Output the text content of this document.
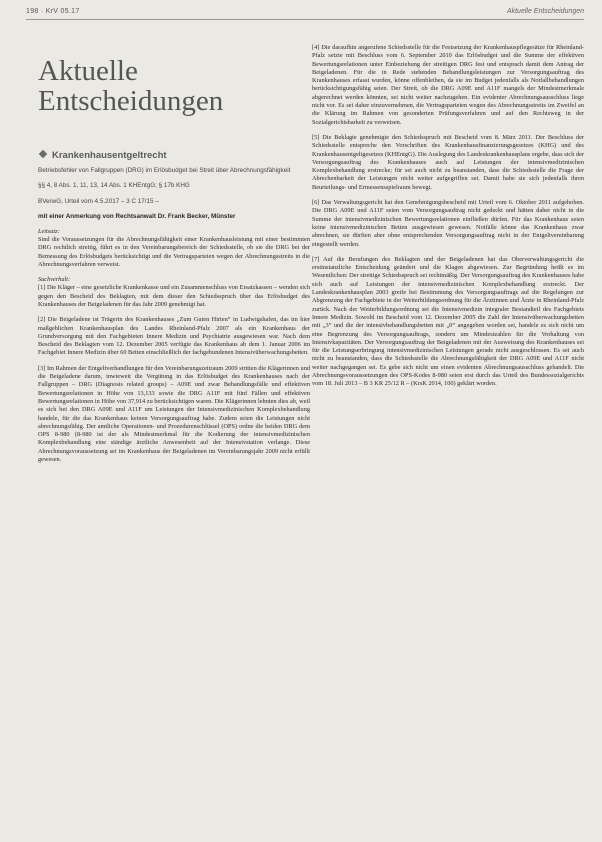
198 · KrV 05.17	Aktuelle Entscheidungen
Aktuelle Entscheidungen
Krankenhausentgeltrecht

Betriebsfehler von Fallgruppen (DRG) im Erlösbudget bei Streit über Abrechnungsfähigkeit

§§ 4, 8 Abs. 1, 11, 13, 14 Abs. 1 KHEntgG; § 17b KHG

BVerwG, Urteil vom 4.5.2017 – 3 C 17/15 –

mit einer Anmerkung von Rechtsanwalt Dr. Frank Becker, Münster

Leitsatz:

Sind die Voraussetzungen für die Abrechnungsfähigkeit einer Krankenhausleistung mit einer bestimmten DRG rechtlich streitig, führt es in den Vereinbarungsbereich der Schiedsstelle, ob sie die DRG bei der Bemessung des Erlösbudgets berücksichtigt und die Vertragsparteien wegen der Abrechnungsstreits in die Abrechnungsverfahren verweist.

Sachverhalt:

[1] Die Kläger – eine gesetzliche Krankenkasse und ein Zusammenschluss von Ersatzkassen – wenden sich gegen den Bescheid des Beklagten, mit dem dieser den Schiedsspruch über das Erlösbudget des Krankenhauses der Beigeladenen für das Jahr 2009 genehmigt hat.

[2] Die Beigeladene ist Trägerin des Krankenhauses „Zum Guten Hirten“ in Ludwigshafen, das im hier maßgeblichen Krankenhausplan des Landes Rheinland-Pfalz 2007 als ein Krankenhaus der Grundversorgung mit den Fachgebieten Innere Medizin und Psychiatrie ausgewiesen war. Nach dem Bescheid des Beklagten vom 12. Dezember 2005 verfügte das Krankenhaus ab dem 1. Januar 2006 im Fachgebiet Innere Medizin über 60 Betten einschließlich der fachgebundenen Intensivüberwachungsbetten.

[3] Im Rahmen der Entgeltverhandlungen für den Vereinbarungszeitraum 2009 stritten die Klägerinnen und die Beigeladene darum, inwieweit die Vergütung in das Erlösbudget des Krankenhauses nach der Fallgruppen – DRG (Diagnosis related groups) – A09E und zwar Behandlungsfälle und effektiven Bewertungsrelationen in Höhe von 13,133 sowie die DRG A11F mit fünf Fällen und effektiven Bewertungsrelationen in Höhe von 37,914 zu berücksichtigen waren. Die Klägerinnen lehnten dies ab, weil es sich bei den DRG A09E und A11F um Leistungen der Intensivmedizinischen Komplexbehandlung handele, für die das Krankenhaus keinen Versorgungsauftrag habe. Zudem seien die Leistungen nicht abrechnungsfähig. Der amtliche Operationen- und Prozedurenschlüssel (OPS) ordne die beiden DRG dem OPS 8-980 (8-980 ist der als Mindestmerkmal für die Kodierung der intensivmedizinischen Komplexbehandlung eine ständige ärztliche Anwesenheit auf der Intensivstation verlange. Diese Abrechnungsvoraussetzung sei im Krankenhaus der Beigeladenen im Vereinbarungsjahr 2009 nicht erfüllt gewesen.

[4] Die daraufhin angerufene Schiedsstelle für die Festsetzung der Krankenhauspflegesätze für Rheinland-Pfalz setzte mit Beschluss vom 6. September 2010 das Erlösbudget und die Summe der effektiven Bewertungsrelationen unter Einbeziehung der streitigen DRG fest und entsprach damit dem Antrag der Beigeladenen. Für die in Rede stehenden Behandlungsleistungen zur Versorgungsauftrag des Krankenhauses erfasst wurden, könne offenbleiben, da sie im Budget jedenfalls als Notfallbehandlungen berücksichtigungsfähig seien. Der Streit, ob die DRG A09E und A11F mangels der Mindestmerkmale abgerechnet werden könnten, sei nicht weiter nachzugehen. Ein evidenter Abrechnungsausschluss liege nicht vor. Es sei daher einzuvernehmen, die Vertragsparteien wegen des Abrechnungsstreits im Zweifel an die Klärung im Rahmen von gesonderten Prüfungsverfahren und auf den Rechtsweg in der Sozialgerichtsbarkeit zu verweisen.

[5] Die Beklagte genehmigte den Schiedsspruch mit Bescheid vom 8. März 2011. Der Beschluss der Schiedsstelle entspreche den Vorschriften des Krankenhausfinanzierungsgesetzes (KHG) und des Krankenhausentgeltgesetzes (KHEntgG). Die Auslegung des Landeskrankenhausplans ergebe, dass sich der Versorgungsauftrag des Krankenhauses auch auf Leistungen der intensivmedizinischen Komplexbehandlung erstrecke; für sei auch nicht zu beanstanden, dass die Schiedsstelle die Frage der Abrechenbarkeit der Leistungen nicht weiter aufgegriffen sei. Damit habe sie sich jedenfalls ihren Beurteilungs- und Ermessensspielraum bewegt.

[6] Das Verwaltungsgericht hat den Genehmigungsbescheid mit Urteil vom 6. Oktober 2011 aufgehoben. Die DRG A09E und A11F seien vom Versorgungsauftrag nicht gedeckt und hätten daher nicht in die Summe der intensivmedizinischen Bewertungsrelationen einfließen dürfen. Für das Krankenhaus seien keine intensivmedizinischen Betten ausgewiesen gewesen. Notfälle könne das Krankenhaus zwar abrechnen, sie dürften aber ohne entsprechenden Versorgungsauftrag nicht in der Entgeltvereinbarung eingestellt werden.

[7] Auf die Berufungen des Beklagten und der Beigeladenen hat das Oberverwaltungsgericht die erstinstanzliche Entscheidung geändert und die Klagen abgewiesen. Zur Begründung heißt es im Wesentlichen: Der streitige Schiedsspruch sei rechtmäßig. Der Versorgungsauftrag des Krankenhauses habe sich auch auf Leistungen der intensivmedizinischen Komplexbehandlung erstreckt. Der Landeskrankenhausplan 2003 greife bei Bestimmung des Versorgungsauftrags auf die Regelungen zur Abgrenzung der Fachgebiete in der Weiterbildungsordnung für die Ärztinnen und Ärzte in Rheinland-Pfalz zurück. Nach der Weiterbildungsordnung sei die Intensivmedizin integraler Bestandteil des Fachgebiets Innere Medizin. Sowohl im Bescheid vom 12. Dezember 2005 die Zahl der Intensivüberwachungsbetten mit „3“ und die der intensivbehandlungsbetten mit „0“ angegeben worden sei, handele es sich nicht um eine Begrenzung des Versorgungsauftrags, sondern um Mindestzahlen für die Vorhaltung von Intensivkapazitäten. Der Versorgungsauftrag der Beigeladenen mit der Ausweisung des Krankenhauses sei für die Leistungserbringung intensivmedizinischen Leistungen gerade nicht ausgeschlossen. Es sei auch nicht zu beanstanden, dass die Schiedsstelle die Abrechnungsfähigkeit der DRG A09E und A11F nicht weiter nachgegangen sei. Es gebe sich nicht um einen evidenten Abrechnungsausschluss gehandelt. Die Abrechnungsvoraussetzungen des OPS-Kodes 8-980 seien erst durch das Urteil des Bundessozialgerichts vom 18. Juli 2013 – B 3 KR 25/12 R – (KrsK 2014, 100) geklärt worden.
